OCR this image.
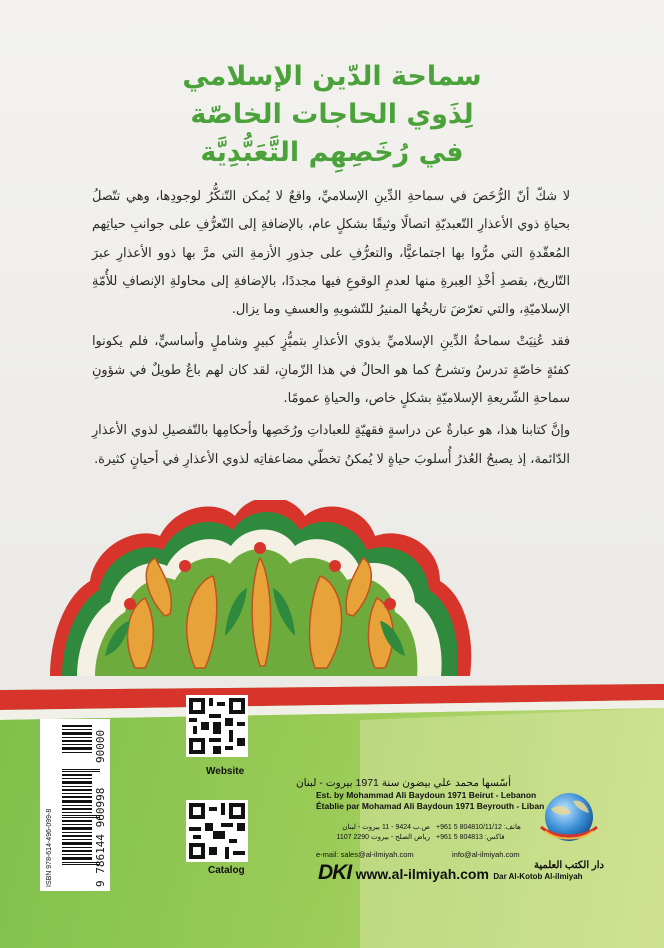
سماحة الدّين الإسلامي
لِذَوي الحاجات الخاصّة
في رُخَصِهِم التَّعَبُّدِيَّة

لا شكّ أنّ الرُّخَصَ في سماحةِ الدِّينِ الإسلاميِّ، واقعٌ لا يُمكن التّنكُّرُ لوجودِها، وهي تتّصلُ بحياةِ ذوي الأعذارِ التّعبديّةِ اتصالًا وثيقًا بشكلٍ عام، بالإضافةِ إلى التّعرُّفِ على جوانبِ حياتِهم المُعقّدةِ التي مرُّوا بها اجتماعيًّا، والتعرُّفِ على جذورِ الأزمةِ التي مرَّ بها ذوو الأعذارِ عبرَ التّاريخ، بقصدِ أخْذِ العِبرةِ منها لعدمِ الوقوعِ فيها مجددًا، بالإضافةِ إلى محاولةِ الإنصافِ للأُمّةِ الإسلاميّةِ، والتي تعرّضَ تاريخُها المنيرُ للتّشويهِ والعسفِ وما يزال.

فقد عُنِيَتْ سماحةُ الدِّينِ الإسلاميِّ بذوي الأعذارِ بتميُّزٍ كبيرٍ وشاملٍ وأساسيٍّ، فلم يكونوا كفئةٍ خاصّةٍ تدرسُ وتشرحُ كما هو الحالُ في هذا الزّمانِ، لقد كان لهم باعٌ طويلٌ في شؤونِ سماحةِ الشّريعةِ الإسلاميّةِ بشكلٍ خاص، والحياةِ عمومًا.

وإنَّ كتابنا هذا، هو عبارةٌ عن دراسةٍ فقهيّةٍ للعباداتِ ورُخَصِها وأحكامِها بالتّفصيلِ لذوي الأعذارِ الدّائمة، إذ يصبحُ العُذرُ أُسلوبَ حياةٍ لا يُمكنُ تخطّي مضاعفاتِه لذوي الأعذارِ في أحيانٍ كثيرة.

9 786144 960998
90000
ISBN 978-614-496-099-8
Website
Catalog
أسّسها محمد علي بيضون سنة 1971 بيروت - لبنان
Est. by Mohammad Ali Baydoun 1971 Beirut - Lebanon
Établie par Mohamad Ali Baydoun 1971 Beyrouth - Liban
ص.ب 9424 - 11 بيروت - لبنان
رياض الصلح - بيروت 2290 1107
هاتف: 804810/11/12 5 961+
فاكس: 804813 5 961+
e-mail: sales@al-ilmiyah.com	info@al-ilmiyah.com
DKI www.al-ilmiyah.com Dar Al-Kotob Al-ilmiyah
دار الكتب العلمية
